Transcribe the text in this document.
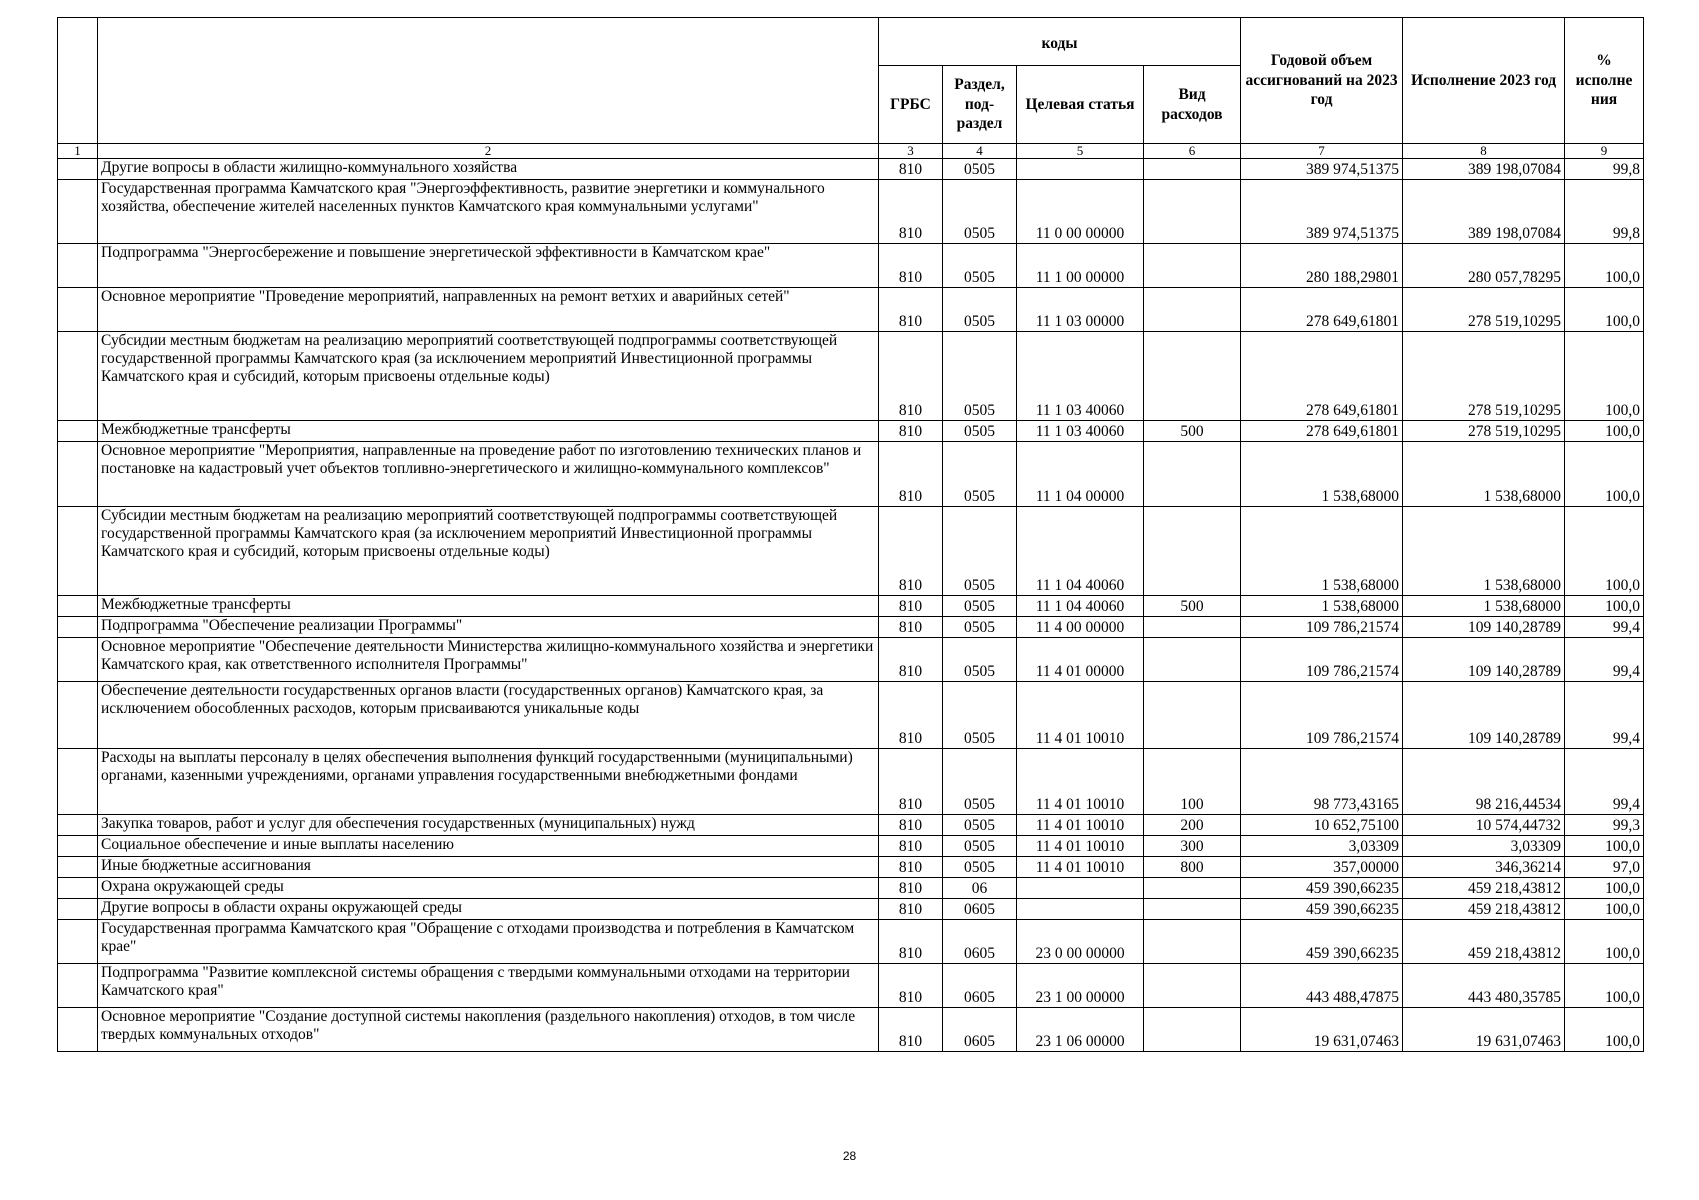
		коды				Годовой объем ассигнований на 2023 год	Исполнение 2023 год	% исполне ния
		ГРБС	Раздел, под-раздел	Целевая статья	Вид расходов			
1	2	3	4	5	6	7	8	9
	Другие вопросы в области жилищно-коммунального хозяйства	810	0505			389 974,51375	389 198,07084	99,8
	Государственная программа Камчатского края "Энергоэффективность, развитие энергетики и коммунального хозяйства, обеспечение жителей населенных пунктов Камчатского края коммунальными услугами"	810	0505	11 0 00 00000		389 974,51375	389 198,07084	99,8
	Подпрограмма "Энергосбережение и повышение энергетической эффективности в Камчатском крае"	810	0505	11 1 00 00000		280 188,29801	280 057,78295	100,0
	Основное мероприятие "Проведение мероприятий, направленных на ремонт ветхих и аварийных сетей"	810	0505	11 1 03 00000		278 649,61801	278 519,10295	100,0
	Субсидии местным бюджетам на реализацию мероприятий соответствующей подпрограммы соответствующей государственной программы Камчатского края (за исключением мероприятий Инвестиционной программы Камчатского края и субсидий, которым присвоены отдельные коды)	810	0505	11 1 03 40060		278 649,61801	278 519,10295	100,0
	Межбюджетные трансферты	810	0505	11 1 03 40060	500	278 649,61801	278 519,10295	100,0
	Основное мероприятие "Мероприятия, направленные на проведение работ по изготовлению технических планов и постановке на кадастровый учет объектов топливно-энергетического и жилищно-коммунального комплексов"	810	0505	11 1 04 00000		1 538,68000	1 538,68000	100,0
	Субсидии местным бюджетам на реализацию мероприятий соответствующей подпрограммы соответствующей государственной программы Камчатского края (за исключением мероприятий Инвестиционной программы Камчатского края и субсидий, которым присвоены отдельные коды)	810	0505	11 1 04 40060		1 538,68000	1 538,68000	100,0
	Межбюджетные трансферты	810	0505	11 1 04 40060	500	1 538,68000	1 538,68000	100,0
	Подпрограмма "Обеспечение реализации Программы"	810	0505	11 4 00 00000		109 786,21574	109 140,28789	99,4
	Основное мероприятие "Обеспечение деятельности Министерства жилищно-коммунального хозяйства и энергетики Камчатского края, как ответственного исполнителя Программы"	810	0505	11 4 01 00000		109 786,21574	109 140,28789	99,4
	Обеспечение деятельности государственных органов власти (государственных органов) Камчатского края, за исключением обособленных расходов, которым присваиваются уникальные коды	810	0505	11 4 01 10010		109 786,21574	109 140,28789	99,4
	Расходы на выплаты персоналу в целях обеспечения выполнения функций государственными (муниципальными) органами, казенными учреждениями, органами управления государственными внебюджетными фондами	810	0505	11 4 01 10010	100	98 773,43165	98 216,44534	99,4
	Закупка товаров, работ и услуг для обеспечения государственных (муниципальных) нужд	810	0505	11 4 01 10010	200	10 652,75100	10 574,44732	99,3
	Социальное обеспечение и иные выплаты населению	810	0505	11 4 01 10010	300	3,03309	3,03309	100,0
	Иные бюджетные ассигнования	810	0505	11 4 01 10010	800	357,00000	346,36214	97,0
	Охрана окружающей среды	810	06			459 390,66235	459 218,43812	100,0
	Другие вопросы в области охраны окружающей среды	810	0605			459 390,66235	459 218,43812	100,0
	Государственная программа Камчатского края "Обращение с отходами производства и потребления в Камчатском крае"	810	0605	23 0 00 00000		459 390,66235	459 218,43812	100,0
	Подпрограмма "Развитие комплексной системы обращения с твердыми коммунальными отходами на территории Камчатского края"	810	0605	23 1 00 00000		443 488,47875	443 480,35785	100,0
	Основное мероприятие "Создание доступной системы накопления (раздельного накопления) отходов, в том числе твердых коммунальных отходов"	810	0605	23 1 06 00000		19 631,07463	19 631,07463	100,0
28
